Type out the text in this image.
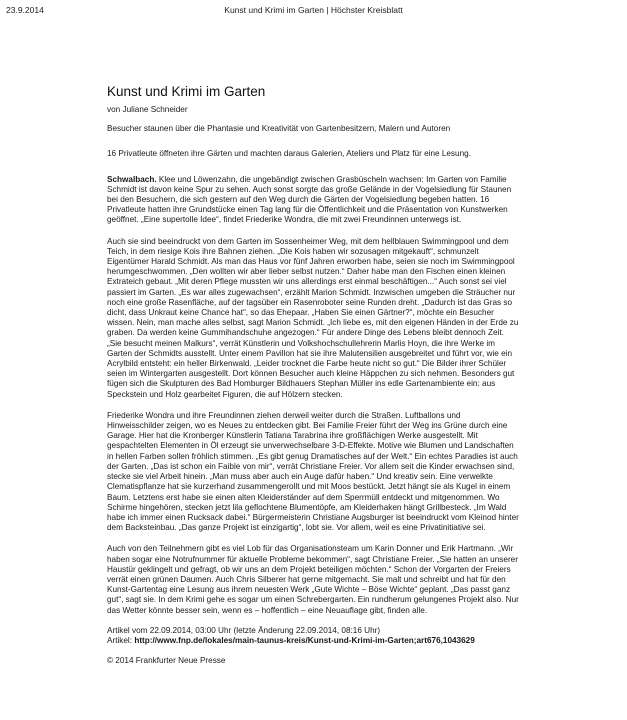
23.9.2014	Kunst und Krimi im Garten | Höchster Kreisblatt
Kunst und Krimi im Garten

von Juliane Schneider

Besucher staunen über die Phantasie und Kreativität von Gartenbesitzern, Malern und Autoren

16 Privatleute öffneten ihre Gärten und machten daraus Galerien, Ateliers und Platz für eine Lesung.

Schwalbach. Klee und Löwenzahn, die ungebändigt zwischen Grasbüscheln wachsen: Im Garten von Familie Schmidt ist davon keine Spur zu sehen. Auch sonst sorgte das große Gelände in der Vogelsiedlung für Staunen bei den Besuchern, die sich gestern auf den Weg durch die Gärten der Vogelsiedlung begeben hatten. 16 Privatleute hatten ihre Grundstücke einen Tag lang für die Öffentlichkeit und die Präsentation von Kunstwerken geöffnet. „Eine supertolle Idee“, findet Friederike Wondra, die mit zwei Freundinnen unterwegs ist.

Auch sie sind beeindruckt von dem Garten im Sossenheimer Weg, mit dem hellblauen Swimmingpool und dem Teich, in dem riesige Kois ihre Bahnen ziehen. „Die Kois haben wir sozusagen mitgekauft“, schmunzelt Eigentümer Harald Schmidt. Als man das Haus vor fünf Jahren erworben habe, seien sie noch im Swimmingpool herumgeschwommen. „Den wollten wir aber lieber selbst nutzen.“ Daher habe man den Fischen einen kleinen Extrateich gebaut. „Mit deren Pflege mussten wir uns allerdings erst einmal beschäftigen...“ Auch sonst sei viel passiert im Garten. „Es war alles zugewachsen“, erzählt Marion Schmidt. Inzwischen umgeben die Sträucher nur noch eine große Rasenfläche, auf der tagsüber ein Rasenroboter seine Runden dreht. „Dadurch ist das Gras so dicht, dass Unkraut keine Chance hat“, so das Ehepaar. „Haben Sie einen Gärtner?“, möchte ein Besucher wissen. Nein, man mache alles selbst, sagt Marion Schmidt. „Ich liebe es, mit den eigenen Händen in der Erde zu graben. Da werden keine Gummihandschuhe angezogen.“ Für andere Dinge des Lebens bleibt dennoch Zeit. „Sie besucht meinen Malkurs“, verrät Künstlerin und Volkshochschullehrerin Marlis Hoyn, die ihre Werke im Garten der Schmidts ausstellt. Unter einem Pavillon hat sie ihre Malutensilien ausgebreitet und führt vor, wie ein Acrylbild entsteht: ein heller Birkenwald. „Leider trocknet die Farbe heute nicht so gut.“ Die Bilder ihrer Schüler seien im Wintergarten ausgestellt. Dort können Besucher auch kleine Häppchen zu sich nehmen. Besonders gut fügen sich die Skulpturen des Bad Homburger Bildhauers Stephan Müller ins edle Gartenambiente ein: aus Speckstein und Holz gearbeitet Figuren, die auf Hölzern stecken.

Friederike Wondra und ihre Freundinnen ziehen derweil weiter durch die Straßen. Luftballons und Hinweisschilder zeigen, wo es Neues zu entdecken gibt. Bei Familie Freier führt der Weg ins Grüne durch eine Garage. Hier hat die Kronberger Künstlerin Tatiana Tarabrina ihre großflächigen Werke ausgestellt. Mit gespachtelten Elementen in Öl erzeugt sie unverwechselbare 3-D-Effekte. Motive wie Blumen und Landschaften in hellen Farben sollen fröhlich stimmen. „Es gibt genug Dramatisches auf der Welt.“ Ein echtes Paradies ist auch der Garten. „Das ist schon ein Faible von mir“, verrät Christiane Freier. Vor allem seit die Kinder erwachsen sind, stecke sie viel Arbeit hinein. „Man muss aber auch ein Auge dafür haben.“ Und kreativ sein. Eine verwelkte Clematispflanze hat sie kurzerhand zusammengerollt und mit Moos bestückt. Jetzt hängt sie als Kugel in einem Baum. Letztens erst habe sie einen alten Kleiderständer auf dem Sperrmüll entdeckt und mitgenommen. Wo Schirme hingehören, stecken jetzt lila geflochtene Blumentöpfe, am Kleiderhaken hängt Grillbesteck. „Im Wald habe ich immer einen Rucksack dabei.“ Bürgermeisterin Christiane Augsburger ist beeindruckt vom Kleinod hinter dem Backsteinbau. „Das ganze Projekt ist einzigartig“, lobt sie. Vor allem, weil es eine Privatinitiative sei.

Auch von den Teilnehmern gibt es viel Lob für das Organisationsteam um Karin Donner und Erik Hartmann. „Wir haben sogar eine Notrufnummer für aktuelle Probleme bekommen“, sagt Christiane Freier. „Sie hatten an unserer Haustür geklingelt und gefragt, ob wir uns an dem Projekt beteiligen möchten.“ Schon der Vorgarten der Freiers verrät einen grünen Daumen. Auch Chris Silberer hat gerne mitgemacht. Sie malt und schreibt und hat für den Kunst-Gartentag eine Lesung aus ihrem neuesten Werk „Gute Wichte – Böse Wichte“ geplant. „Das passt ganz gut“, sagt sie. In dem Krimi gehe es sogar um einen Schrebergarten. Ein rundherum gelungenes Projekt also. Nur das Wetter könnte besser sein, wenn es – hoffentlich – eine Neuauflage gibt, finden alle.

Artikel vom 22.09.2014, 03:00 Uhr (letzte Änderung 22.09.2014, 08:16 Uhr)
Artikel: http://www.fnp.de/lokales/main-taunus-kreis/Kunst-und-Krimi-im-Garten;art676,1043629
© 2014 Frankfurter Neue Presse
